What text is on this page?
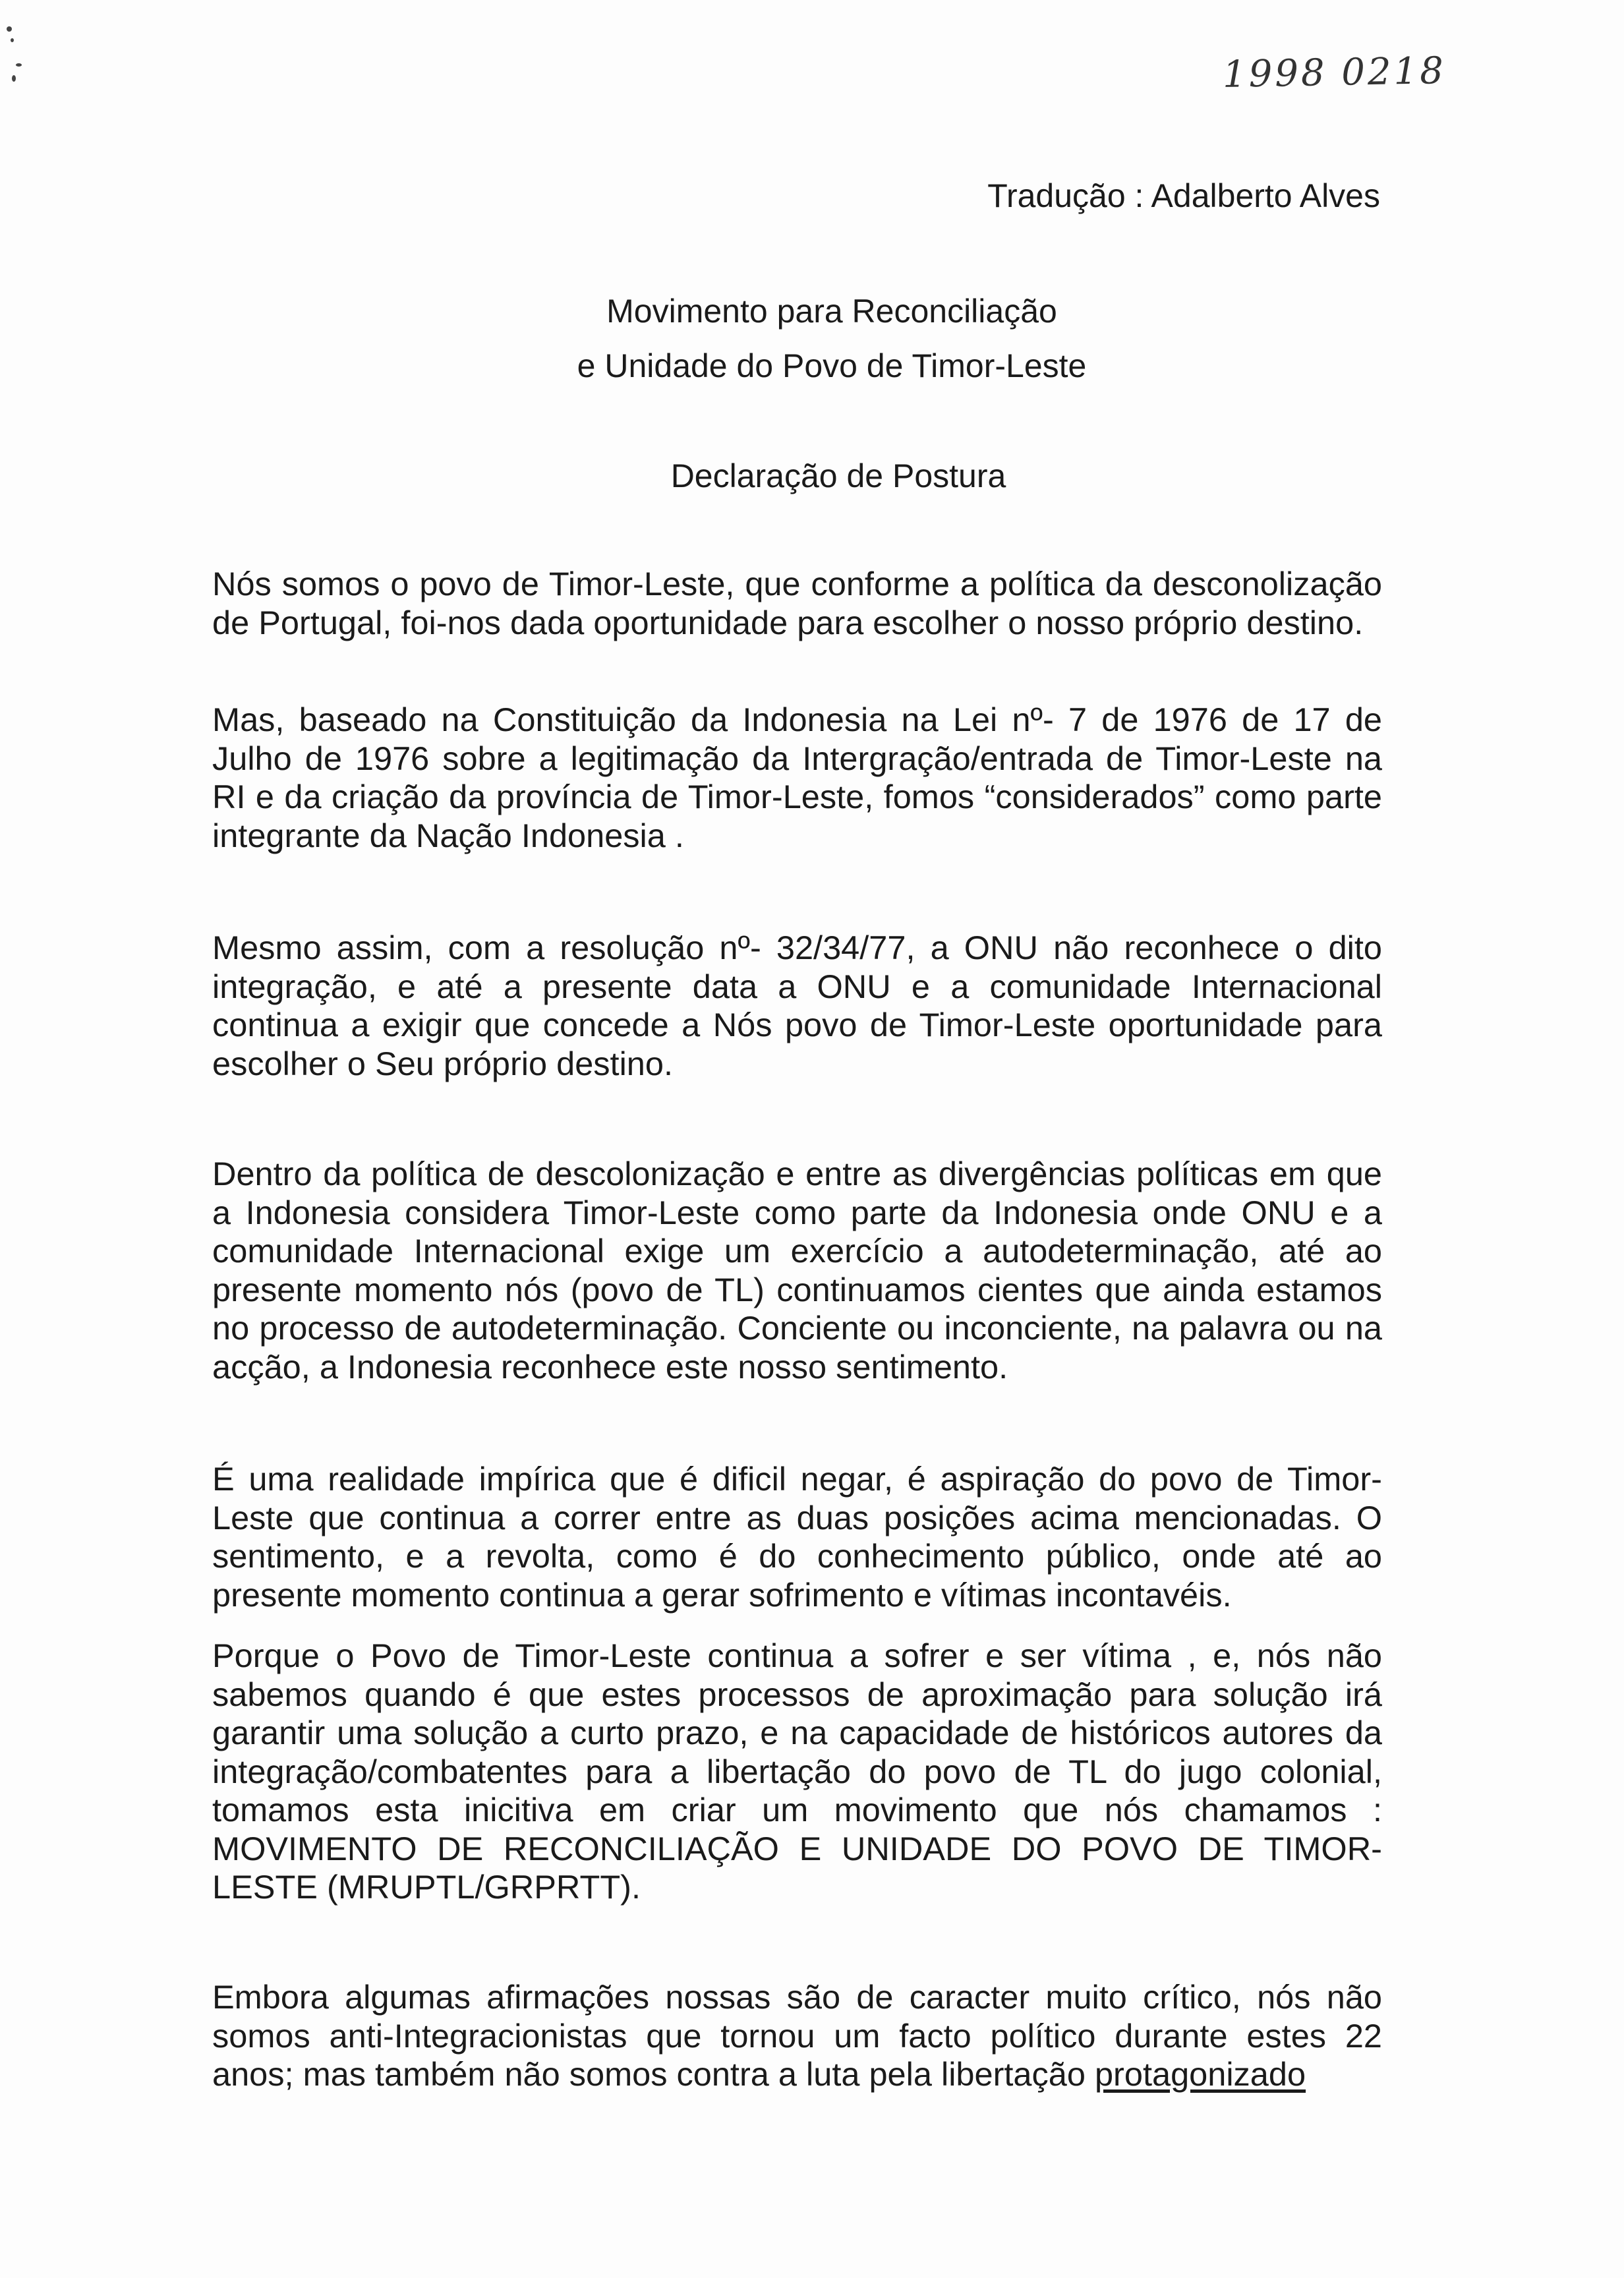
1998 0218
Tradução : Adalberto Alves
Movimento para Reconciliação
e Unidade do Povo de Timor-Leste
Declaração de Postura

Nós somos o povo de Timor-Leste, que conforme a política da desconolização de Portugal, foi-nos dada oportunidade para escolher o nosso próprio destino.

Mas, baseado na Constituição da Indonesia na Lei nº- 7 de 1976 de 17 de Julho de 1976 sobre a legitimação da Intergração/entrada de Timor-Leste na RI e da criação da província de Timor-Leste, fomos “considerados” como parte integrante da Nação Indonesia .

Mesmo assim, com a resolução nº- 32/34/77, a ONU não reconhece o dito integração, e até a presente data a ONU e a comunidade Internacional continua a exigir que concede a Nós povo de Timor-Leste oportunidade para escolher o Seu próprio destino.

Dentro da política de descolonização e entre as divergências políticas em que a Indonesia considera Timor-Leste como parte da Indonesia onde ONU e a comunidade Internacional exige um exercício a autodeterminação, até ao presente momento nós (povo de TL) continuamos cientes que ainda estamos no processo de autodeterminação. Conciente ou inconciente, na palavra ou na acção, a Indonesia reconhece este nosso sentimento.

É uma realidade impírica que é dificil negar, é aspiração do povo de Timor-Leste que continua a correr entre as duas posições acima mencionadas. O sentimento, e a revolta, como é do conhecimento público, onde até ao presente momento continua a gerar sofrimento e vítimas incontavéis.

Porque o Povo de Timor-Leste continua a sofrer e ser vítima , e, nós não sabemos quando é que estes processos de aproximação para solução irá garantir uma solução a curto prazo, e na capacidade de históricos autores da integração/combatentes para a libertação do povo de TL do jugo colonial, tomamos esta inicitiva em criar um movimento que nós chamamos : MOVIMENTO DE RECONCILIAÇÃO E UNIDADE DO POVO DE TIMOR-LESTE (MRUPTL/GRPRTT).

Embora algumas afirmações nossas são de caracter muito crítico, nós não somos anti-Integracionistas que tornou um facto político durante estes 22 anos; mas também não somos contra a luta pela libertação protagonizado
